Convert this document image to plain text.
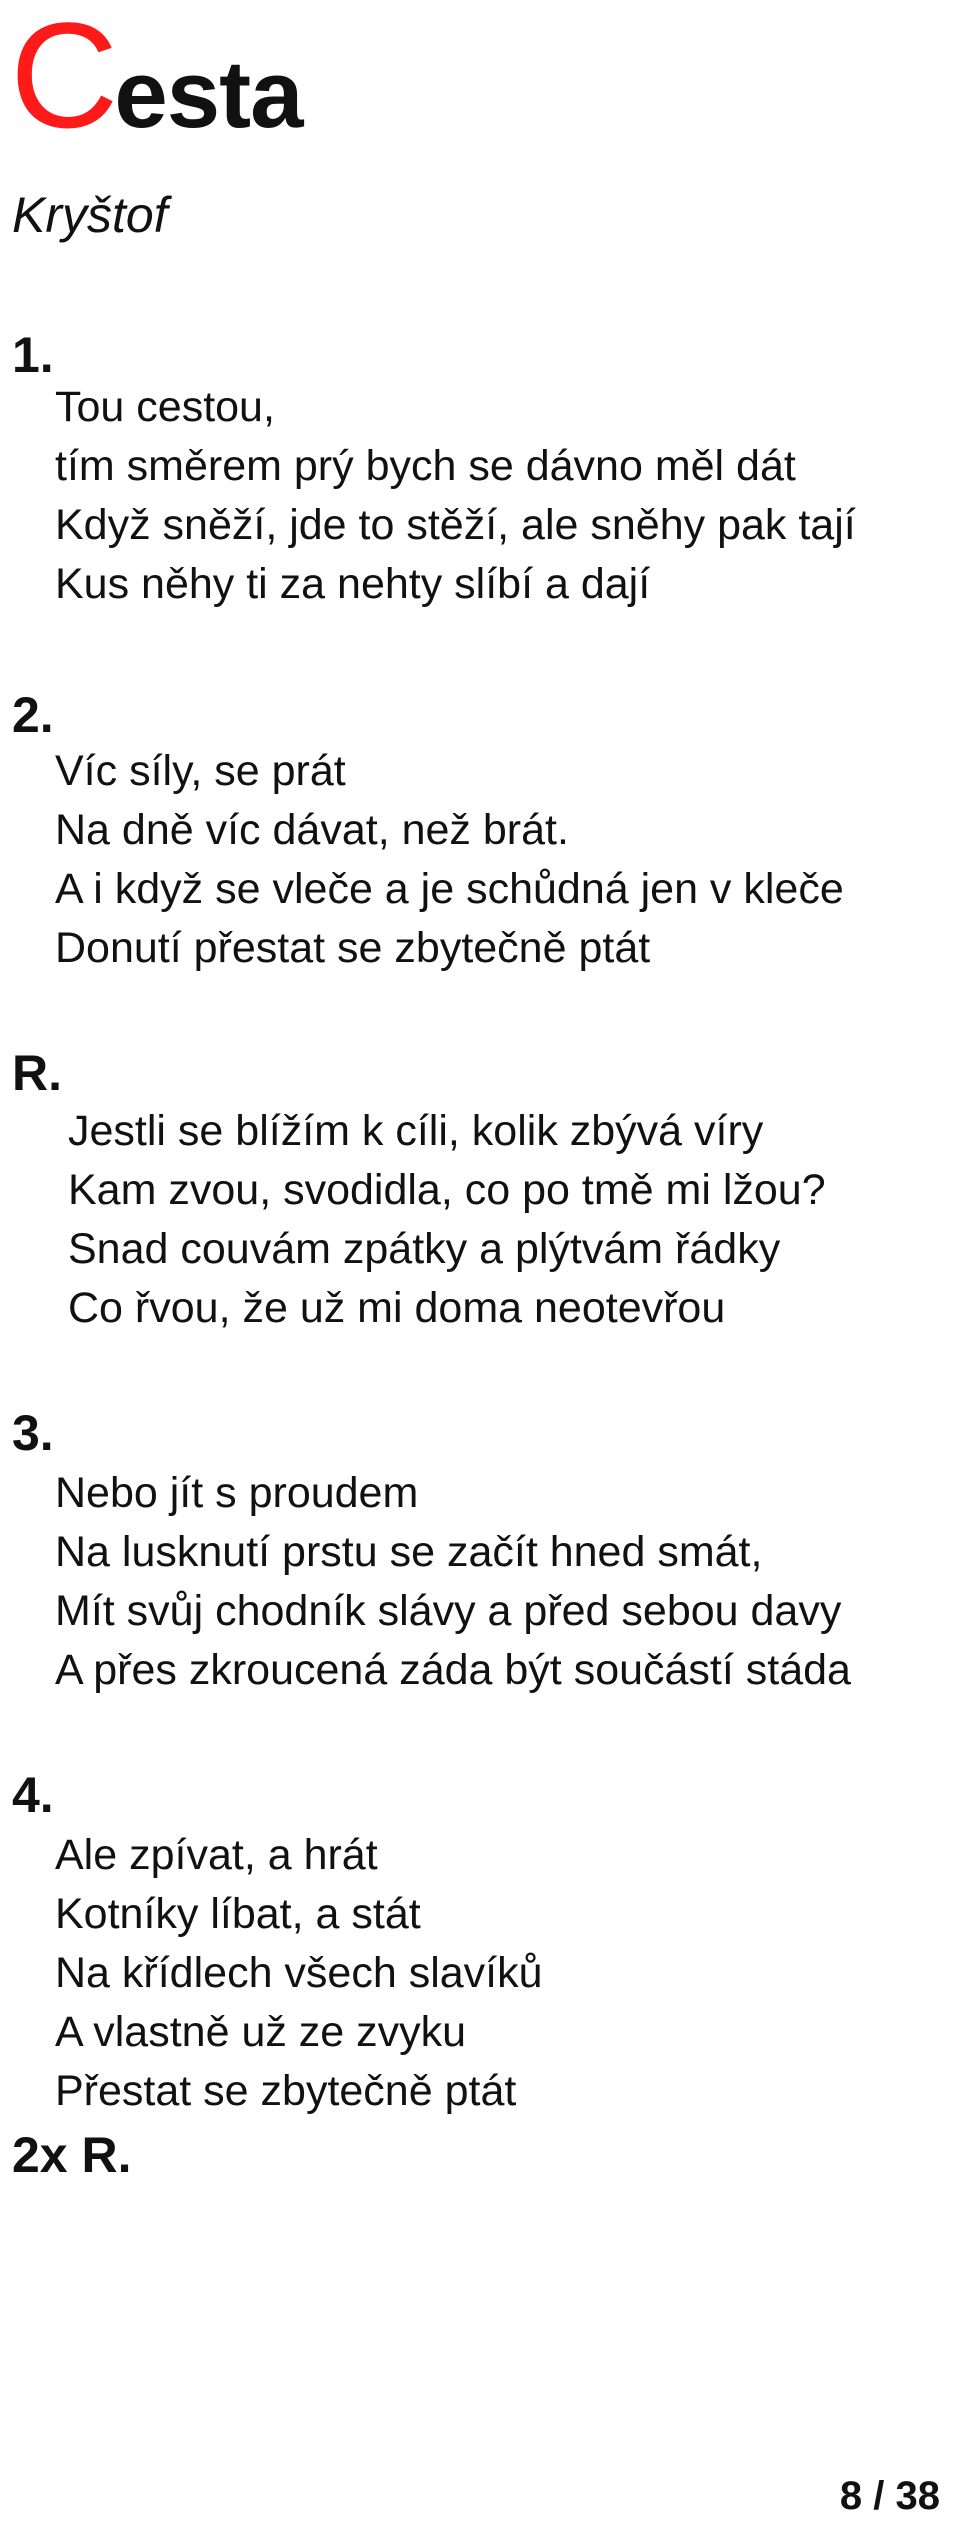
Cesta
Kryštof
1.
Tou cestou,
tím směrem prý bych se dávno měl dát
Když sněží, jde to stěží, ale sněhy pak tají
Kus něhy ti za nehty slíbí a dají
2.
Víc síly, se prát
Na dně víc dávat, než brát.
A i když se vleče a je schůdná jen v kleče
Donutí přestat se zbytečně ptát
R.
Jestli se blížím k cíli, kolik zbývá víry
Kam zvou, svodidla, co po tmě mi lžou?
Snad couvám zpátky a plýtvám řádky
Co řvou, že už mi doma neotevřou
3.
Nebo jít s proudem
Na lusknutí prstu se začít hned smát,
Mít svůj chodník slávy a před sebou davy
A přes zkroucená záda být součástí stáda
4.
Ale zpívat, a hrát
Kotníky líbat, a stát
Na křídlech všech slavíků
A vlastně už ze zvyku
Přestat se zbytečně ptát
2x R.
8 / 38
